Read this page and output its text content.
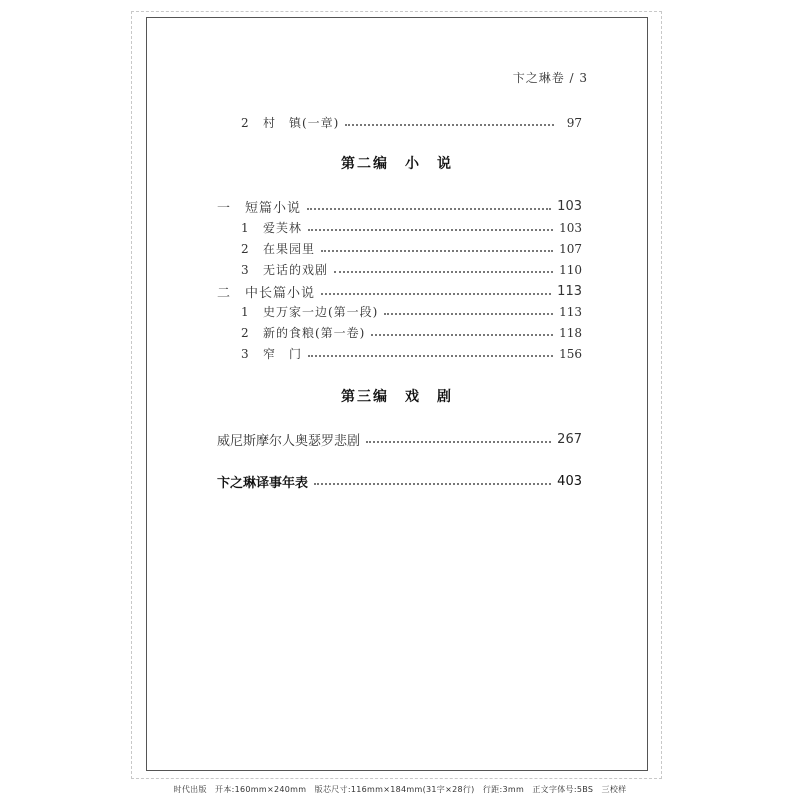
卞之琳卷 / 3
2	村　镇(一章)	97
第二编　小　说
一	短篇小说	103
1	爱芙林	103
2	在果园里	107
3	无话的戏剧	110
二	中长篇小说	113
1	史万家一边(第一段)	113
2	新的食粮(第一卷)	118
3	窄　门	156
第三编　戏　剧
威尼斯摩尔人奥瑟罗悲剧	267
卞之琳译事年表	403
时代出版　开本:160mm×240mm　版芯尺寸:116mm×184mm(31字×28行)　行距:3mm　正文字体号:5BS　三校样
